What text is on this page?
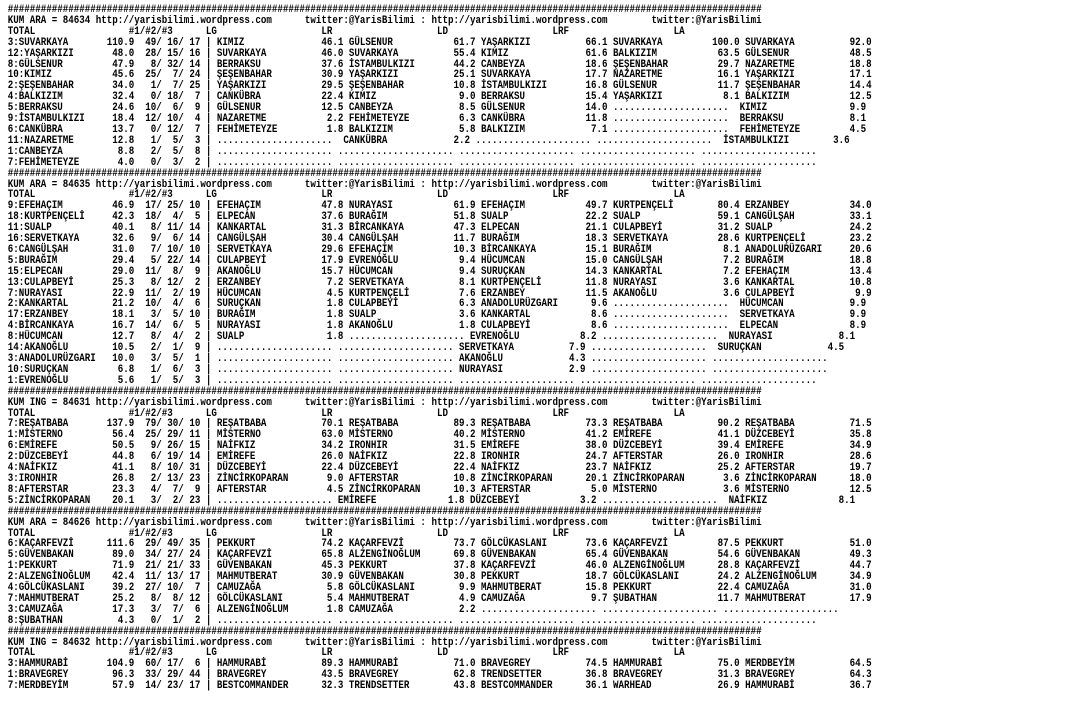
#########################################################################################################################################
KUM ARA = 84634 http://yarisbilimi.wordpress.com      twitter:@YarisBilimi : http://yarisbilimi.wordpress.com        twitter:@YarisBilimi
TOTAL                 #1/#2/#3      LG                   LR                   LD                   LRF                   LA
3:SUVARKAYA       110.9  49/ 16/ 17 | KIMIZ              46.1 GÜLSENUR           61.7 YAŞARKIZI          66.1 SUVARKAYA         100.0 SUVARKAYA          92.0
12:YAŞARKIZI       48.0  28/ 15/ 16 | SUVARKAYA          46.0 SUVARKAYA          55.4 KIMIZ              61.6 BALKIZIM           63.5 GÜLSENUR           48.5
8:GÜLSENUR         47.9   8/ 32/ 14 | BERRAKSU           37.6 İSTAMBULKIZI       44.2 CANBEYZA           18.6 ŞEŞENBAHAR         29.7 NAZARETME          18.8
10:KIMIZ           45.6  25/  7/ 24 | ŞEŞENBAHAR         30.9 YAŞARKIZI          25.1 SUVARKAYA          17.7 NAZARETME          16.1 YAŞARKIZI          17.1
2:ŞEŞENBAHAR       34.0   1/  7/ 25 | YAŞARKIZI          29.5 ŞEŞENBAHAR         10.8 İSTAMBULKIZI       16.8 GÜLSENUR           11.7 ŞEŞENBAHAR         14.4
4:BALKIZIM         32.4   0/ 18/  7 | CANKÜBRA           22.4 KIMIZ               9.0 BERRAKSU           15.4 YAŞARKIZI           8.1 BALKIZIM           12.5
5:BERRAKSU         24.6  10/  6/  9 | GÜLSENUR           12.5 CANBEYZA            8.5 GÜLSENUR           14.0 .....................  KIMIZ               9.9
9:İSTAMBULKIZI     18.4  12/ 10/  4 | NAZARETME           2.2 FEHİMETEYZE         6.3 CANKÜBRA           11.8 .....................  BERRAKSU            8.1
6:CANKÜBRA         13.7   0/ 12/  7 | FEHİMETEYZE         1.8 BALKIZIM            5.8 BALKIZIM            7.1 .....................  FEHİMETEYZE         4.5
11:NAZARETME       12.8   1/  5/  3 | .....................  CANKÜBRA            2.2 ..................... .....................  İSTAMBULKIZI        3.6
1:CANBEYZA          8.8   2/  5/  8 | ..................... ..................... ..................... ..................... .....................
7:FEHİMETEYZE       4.0   0/  3/  2 | ..................... ..................... ..................... ..................... .....................
#########################################################################################################################################
KUM ARA = 84635 http://yarisbilimi.wordpress.com      twitter:@YarisBilimi : http://yarisbilimi.wordpress.com        twitter:@YarisBilimi
TOTAL                 #1/#2/#3      LG                   LR                   LD                   LRF                   LA
9:EFEHAÇIM         46.9  17/ 25/ 10 | EFEHAÇIM           47.8 NURAYASI           61.9 EFEHAÇIM           49.7 KURTPENÇELİ        80.4 ERZANBEY           34.0
18:KURTPENÇELİ     42.3  18/  4/  5 | ELPECAN            37.6 BURAĞIM            51.8 SUALP              22.2 SUALP              59.1 CANGÜLŞAH          33.1
11:SUALP           40.1   8/ 11/ 14 | KANKARTAL          31.3 BİRCANKAYA         47.3 ELPECAN            21.1 CULAPBEYİ          31.2 SUALP              24.2
16:SERVETKAYA      32.6   9/  6/ 14 | CANGÜLŞAH          30.4 CANGÜLŞAH          11.7 BURAĞIM            18.3 SERVETKAYA         28.6 KURTPENÇELİ        23.2
6:CANGÜLŞAH        31.0   7/ 10/ 10 | SERVETKAYA         29.6 EFEHAÇIM           10.3 BİRCANKAYA         15.1 BURAĞIM             8.1 ANADOLURÜZGARI     20.6
5:BURAĞIM          29.4   5/ 22/ 14 | CULAPBEYİ          17.9 EVRENOĞLU           9.4 HÜCUMCAN           15.0 CANGÜLŞAH           7.2 BURAĞIM            18.8
15:ELPECAN         29.0  11/  8/  9 | AKANOĞLU           15.7 HÜCUMCAN            9.4 SURUÇKAN           14.3 KANKARTAL           7.2 EFEHAÇIM           13.4
13:CULAPBEYİ       25.3   8/ 12/  2 | ERZANBEY            7.2 SERVETKAYA          8.1 KURTPENÇELİ        11.8 NURAYASI            3.6 KANKARTAL          10.8
7:NURAYASI         22.9  11/  2/ 19 | HÜCUMCAN            4.5 KURTPENÇELİ         7.6 ERZANBEY           11.5 AKANOĞLU            3.6 CULAPBEYİ           9.9
2:KANKARTAL        21.2  10/  4/  6 | SURUÇKAN            1.8 CULAPBEYİ           6.3 ANADOLURÜZGARI      9.6 .....................  HÜCUMCAN            9.9
17:ERZANBEY        18.1   3/  5/ 10 | BURAĞIM             1.8 SUALP               3.6 KANKARTAL           8.6 .....................  SERVETKAYA          9.9
4:BİRCANKAYA       16.7  14/  6/  5 | NURAYASI            1.8 AKANOĞLU            1.8 CULAPBEYİ           8.6 .....................  ELPECAN             8.9
8:HÜCUMCAN         12.7   8/  4/  2 | SUALP               1.8 ..................... EVRENOĞLU           8.2 .....................  NURAYASI            8.1
14:AKANOĞLU        10.5   2/  1/  9 | ..................... ..................... SERVETKAYA          7.9 .....................  SURUÇKAN            4.5
3:ANADOLURÜZGARI   10.0   3/  5/  1 | ..................... ..................... AKANOĞLU            4.3 ..................... .....................
10:SURUÇKAN         6.8   1/  6/  3 | ..................... ..................... NURAYASI            2.9 ..................... .....................
1:EVRENOĞLU         5.6   1/  5/  3 | ..................... ..................... ..................... ..................... .....................
#########################################################################################################################################
KUM ING = 84631 http://yarisbilimi.wordpress.com      twitter:@YarisBilimi : http://yarisbilimi.wordpress.com        twitter:@YarisBilimi
TOTAL                 #1/#2/#3      LG                   LR                   LD                   LRF                   LA
7:REŞATBABA       137.9  79/ 30/ 10 | REŞATBABA          70.1 REŞATBABA          89.3 REŞATBABA          73.3 REŞATBABA          90.2 REŞATBABA          71.5
1:MİSTERNO         56.4  25/ 29/ 11 | MİSTERNO           63.0 MİSTERNO           40.2 MİSTERNO           41.2 EMİREFE            41.1 DÜZCEBEYİ          35.8
6:EMİREFE          50.5   9/ 26/ 15 | NAİFKIZ            34.2 IRONHIR            31.5 EMİREFE            38.0 DÜZCEBEYİ          39.4 EMİREFE            34.9
2:DÜZCEBEYİ        44.8   6/ 19/ 14 | EMİREFE            26.0 NAİFKIZ            22.8 IRONHIR            24.7 AFTERSTAR          26.0 IRONHIR            28.6
4:NAİFKIZ          41.1   8/ 10/ 31 | DÜZCEBEYİ          22.4 DÜZCEBEYİ          22.4 NAİFKIZ            23.7 NAİFKIZ            25.2 AFTERSTAR          19.7
3:IRONHIR          26.8   2/ 13/ 23 | ZİNCİRKOPARAN       9.0 AFTERSTAR          10.8 ZİNCİRKOPARAN      20.1 ZİNCİRKOPARAN       3.6 ZİNCİRKOPARAN      18.0
8:AFTERSTAR        23.3   4/  7/  9 | AFTERSTAR           4.5 ZİNCİRKOPARAN      10.3 AFTERSTAR           5.0 MİSTERNO            3.6 MİSTERNO           12.5
5:ZİNCİRKOPARAN    20.1   3/  2/ 23 | ..................... EMİREFE             1.8 DÜZCEBEYİ           3.2 .....................  NAİFKIZ             8.1
#########################################################################################################################################
KUM ARA = 84626 http://yarisbilimi.wordpress.com      twitter:@YarisBilimi : http://yarisbilimi.wordpress.com        twitter:@YarisBilimi
TOTAL                 #1/#2/#3      LG                   LR                   LD                   LRF                   LA
6:KAÇARFEVZİ      111.6  29/ 49/ 35 | PEKKURT            74.2 KAÇARFEVZİ         73.7 GÖLCÜKASLANI       73.6 KAÇARFEVZİ         87.5 PEKKURT            51.0
5:GÜVENBAKAN       89.0  34/ 27/ 24 | KAÇARFEVZİ         65.8 ALZENGİNOĞLUM      69.8 GÜVENBAKAN         65.4 GÜVENBAKAN         54.6 GÜVENBAKAN         49.3
1:PEKKURT          71.9  21/ 21/ 33 | GÜVENBAKAN         45.3 PEKKURT            37.8 KAÇARFEVZİ         46.0 ALZENGİNOĞLUM      28.8 KAÇARFEVZİ         44.7
2:ALZENGİNOĞLUM    42.4  11/ 13/ 17 | MAHMUTBERAT        30.9 GÜVENBAKAN         30.8 PEKKURT            18.7 GÖLCÜKASLANI       24.2 ALZENGİNOĞLUM      34.9
4:GÖLCÜKASLANI     39.2  27/ 10/  7 | CAMUZAĞA            5.8 GÖLCÜKASLANI        9.9 MAHMUTBERAT        15.8 PEKKURT            22.4 CAMUZAĞA           31.0
7:MAHMUTBERAT      25.2   8/  8/ 12 | GÖLCÜKASLANI        5.4 MAHMUTBERAT         4.9 CAMUZAĞA            9.7 ŞUBATHAN           11.7 MAHMUTBERAT        17.9
3:CAMUZAĞA         17.3   3/  7/  6 | ALZENGİNOĞLUM       1.8 CAMUZAĞA            2.2 ..................... ..................... .....................
8:ŞUBATHAN          4.3   0/  1/  2 | ..................... ..................... ..................... ..................... .....................
#########################################################################################################################################
KUM ING = 84632 http://yarisbilimi.wordpress.com      twitter:@YarisBilimi : http://yarisbilimi.wordpress.com        twitter:@YarisBilimi
TOTAL                 #1/#2/#3      LG                   LR                   LD                   LRF                   LA
3:HAMMURABİ       104.9  60/ 17/  6 | HAMMURABİ          89.3 HAMMURABİ          71.0 BRAVEGREY          74.5 HAMMURABİ          75.0 MERDBEYİM          64.5
1:BRAVEGREY        96.3  33/ 29/ 44 | BRAVEGREY          43.5 BRAVEGREY          62.8 TRENDSETTER        36.8 BRAVEGREY          31.3 BRAVEGREY          64.3
7:MERDBEYİM        57.9  14/ 23/ 17 | BESTCOMMANDER      32.3 TRENDSETTER        43.8 BESTCOMMANDER      36.1 WARHEAD            26.9 HAMMURABİ          36.7
